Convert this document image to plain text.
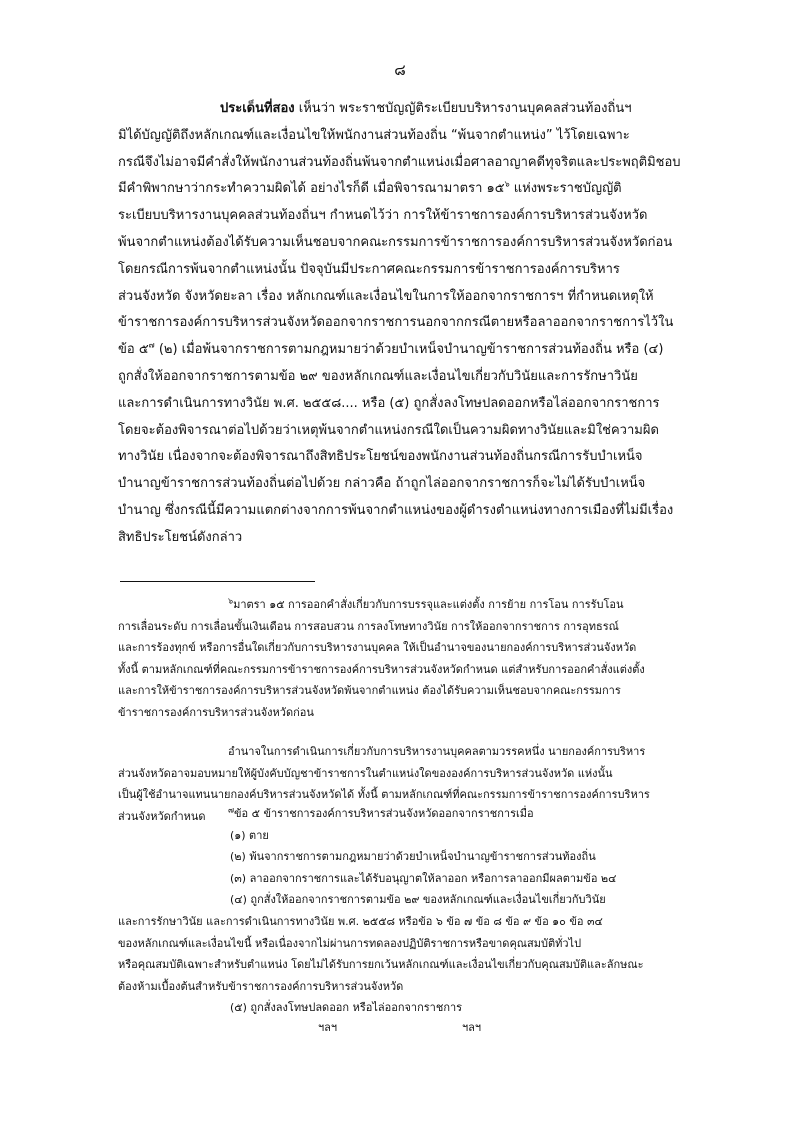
๘

ประเด็นที่สอง เห็นว่า พระราชบัญญัติระเบียบบริหารงานบุคคลส่วนท้องถิ่นฯ
มิได้บัญญัติถึงหลักเกณฑ์และเงื่อนไขให้พนักงานส่วนท้องถิ่น “พ้นจากตำแหน่ง” ไว้โดยเฉพาะ
กรณีจึงไม่อาจมีคำสั่งให้พนักงานส่วนท้องถิ่นพ้นจากตำแหน่งเมื่อศาลอาญาคดีทุจริตและประพฤติมิชอบ
มีคำพิพากษาว่ากระทำความผิดได้ อย่างไรก็ดี เมื่อพิจารณามาตรา ๑๕$^๖$ แห่งพระราชบัญญัติ
ระเบียบบริหารงานบุคคลส่วนท้องถิ่นฯ กำหนดไว้ว่า การให้ข้าราชการองค์การบริหารส่วนจังหวัด
พ้นจากตำแหน่งต้องได้รับความเห็นชอบจากคณะกรรมการข้าราชการองค์การบริหารส่วนจังหวัดก่อน
โดยกรณีการพ้นจากตำแหน่งนั้น ปัจจุบันมีประกาศคณะกรรมการข้าราชการองค์การบริหาร
ส่วนจังหวัด จังหวัดยะลา เรื่อง หลักเกณฑ์และเงื่อนไขในการให้ออกจากราชการฯ ที่กำหนดเหตุให้
ข้าราชการองค์การบริหารส่วนจังหวัดออกจากราชการนอกจากกรณีตายหรือลาออกจากราชการไว้ใน
ข้อ ๕$^๗$ (๒) เมื่อพ้นจากราชการตามกฎหมายว่าด้วยบำเหน็จบำนาญข้าราชการส่วนท้องถิ่น หรือ (๔)
ถูกสั่งให้ออกจากราชการตามข้อ ๒๙ ของหลักเกณฑ์และเงื่อนไขเกี่ยวกับวินัยและการรักษาวินัย
และการดำเนินการทางวินัย พ.ศ. ๒๕๕๘.... หรือ (๕) ถูกสั่งลงโทษปลดออกหรือไล่ออกจากราชการ
โดยจะต้องพิจารณาต่อไปด้วยว่าเหตุพ้นจากตำแหน่งกรณีใดเป็นความผิดทางวินัยและมิใช่ความผิด
ทางวินัย เนื่องจากจะต้องพิจารณาถึงสิทธิประโยชน์ของพนักงานส่วนท้องถิ่นกรณีการรับบำเหน็จ
บำนาญข้าราชการส่วนท้องถิ่นต่อไปด้วย กล่าวคือ ถ้าถูกไล่ออกจากราชการก็จะไม่ได้รับบำเหน็จ
บำนาญ ซึ่งกรณีนี้มีความแตกต่างจากการพ้นจากตำแหน่งของผู้ดำรงตำแหน่งทางการเมืองที่ไม่มีเรื่อง
สิทธิประโยชน์ดังกล่าว

$^๖$มาตรา ๑๕ การออกคำสั่งเกี่ยวกับการบรรจุและแต่งตั้ง การย้าย การโอน การรับโอน
การเลื่อนระดับ การเลื่อนขั้นเงินเดือน การสอบสวน การลงโทษทางวินัย การให้ออกจากราชการ การอุทธรณ์
และการร้องทุกข์ หรือการอื่นใดเกี่ยวกับการบริหารงานบุคคล ให้เป็นอำนาจของนายกองค์การบริหารส่วนจังหวัด
ทั้งนี้ ตามหลักเกณฑ์ที่คณะกรรมการข้าราชการองค์การบริหารส่วนจังหวัดกำหนด แต่สำหรับการออกคำสั่งแต่งตั้ง
และการให้ข้าราชการองค์การบริหารส่วนจังหวัดพ้นจากตำแหน่ง ต้องได้รับความเห็นชอบจากคณะกรรมการ
ข้าราชการองค์การบริหารส่วนจังหวัดก่อน
อำนาจในการดำเนินการเกี่ยวกับการบริหารงานบุคคลตามวรรคหนึ่ง นายกองค์การบริหาร
ส่วนจังหวัดอาจมอบหมายให้ผู้บังคับบัญชาข้าราชการในตำแหน่งใดขององค์การบริหารส่วนจังหวัด แห่งนั้น
เป็นผู้ใช้อำนาจแทนนายกองค์บริหารส่วนจังหวัดได้ ทั้งนี้ ตามหลักเกณฑ์ที่คณะกรรมการข้าราชการองค์การบริหาร
ส่วนจังหวัดกำหนด	$^๗$ข้อ ๕ ข้าราชการองค์การบริหารส่วนจังหวัดออกจากราชการเมื่อ
(๑) ตาย
(๒) พ้นจากราชการตามกฎหมายว่าด้วยบำเหน็จบำนาญข้าราชการส่วนท้องถิ่น
(๓) ลาออกจากราชการและได้รับอนุญาตให้ลาออก หรือการลาออกมีผลตามข้อ ๒๔
(๔) ถูกสั่งให้ออกจากราชการตามข้อ ๒๙ ของหลักเกณฑ์และเงื่อนไขเกี่ยวกับวินัย
และการรักษาวินัย และการดำเนินการทางวินัย พ.ศ. ๒๕๕๘ หรือข้อ ๖ ข้อ ๗ ข้อ ๘ ข้อ ๙ ข้อ ๑๐ ข้อ ๓๔
ของหลักเกณฑ์และเงื่อนไขนี้ หรือเนื่องจากไม่ผ่านการทดลองปฏิบัติราชการหรือขาดคุณสมบัติทั่วไป
หรือคุณสมบัติเฉพาะสำหรับตำแหน่ง โดยไม่ได้รับการยกเว้นหลักเกณฑ์และเงื่อนไขเกี่ยวกับคุณสมบัติและลักษณะ
ต้องห้ามเบื้องต้นสำหรับข้าราชการองค์การบริหารส่วนจังหวัด
(๕) ถูกสั่งลงโทษปลดออก หรือไล่ออกจากราชการ
ฯลฯ	ฯลฯ
